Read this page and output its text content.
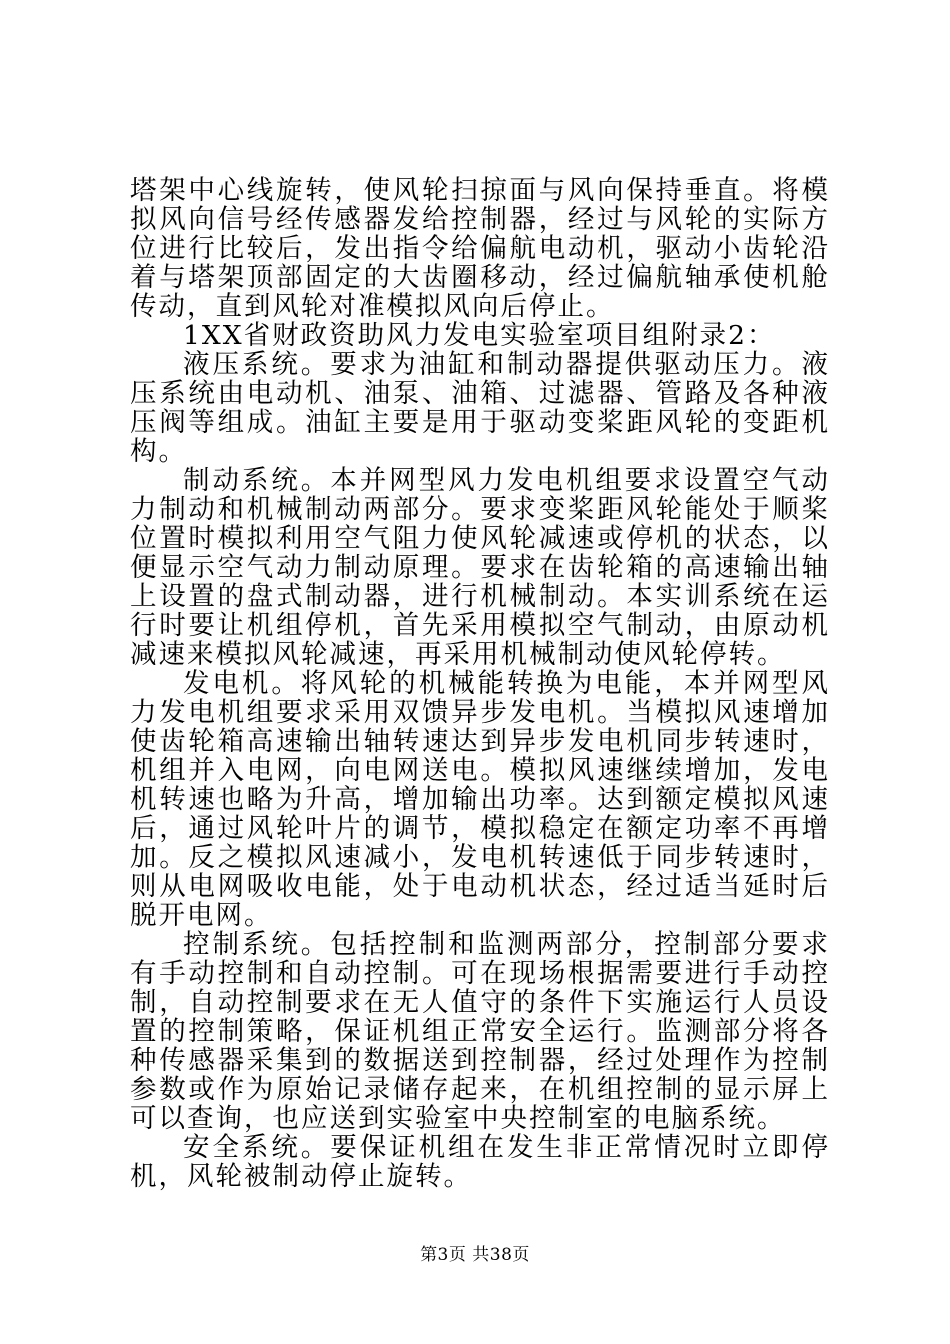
塔架中心线旋转，使风轮扫掠面与风向保持垂直。将模拟风向信号经传感器发给控制器，经过与风轮的实际方位进行比较后，发出指令给偏航电动机，驱动小齿轮沿着与塔架顶部固定的大齿圈移动，经过偏航轴承使机舱传动，直到风轮对准模拟风向后停止。

1XX省财政资助风力发电实验室项目组附录2：

液压系统。要求为油缸和制动器提供驱动压力。液压系统由电动机、油泵、油箱、过滤器、管路及各种液压阀等组成。油缸主要是用于驱动变桨距风轮的变距机构。

制动系统。本并网型风力发电机组要求设置空气动力制动和机械制动两部分。要求变桨距风轮能处于顺桨位置时模拟利用空气阻力使风轮减速或停机的状态，以便显示空气动力制动原理。要求在齿轮箱的高速输出轴上设置的盘式制动器，进行机械制动。本实训系统在运行时要让机组停机，首先采用模拟空气制动，由原动机减速来模拟风轮减速，再采用机械制动使风轮停转。

发电机。将风轮的机械能转换为电能，本并网型风力发电机组要求采用双馈异步发电机。当模拟风速增加使齿轮箱高速输出轴转速达到异步发电机同步转速时，机组并入电网，向电网送电。模拟风速继续增加，发电机转速也略为升高，增加输出功率。达到额定模拟风速后，通过风轮叶片的调节，模拟稳定在额定功率不再增加。反之模拟风速减小，发电机转速低于同步转速时，则从电网吸收电能，处于电动机状态，经过适当延时后脱开电网。

控制系统。包括控制和监测两部分，控制部分要求有手动控制和自动控制。可在现场根据需要进行手动控制，自动控制要求在无人值守的条件下实施运行人员设置的控制策略，保证机组正常安全运行。监测部分将各种传感器采集到的数据送到控制器，经过处理作为控制参数或作为原始记录储存起来，在机组控制的显示屏上可以查询，也应送到实验室中央控制室的电脑系统。

安全系统。要保证机组在发生非正常情况时立即停机，风轮被制动停止旋转。

第3页 共38页
